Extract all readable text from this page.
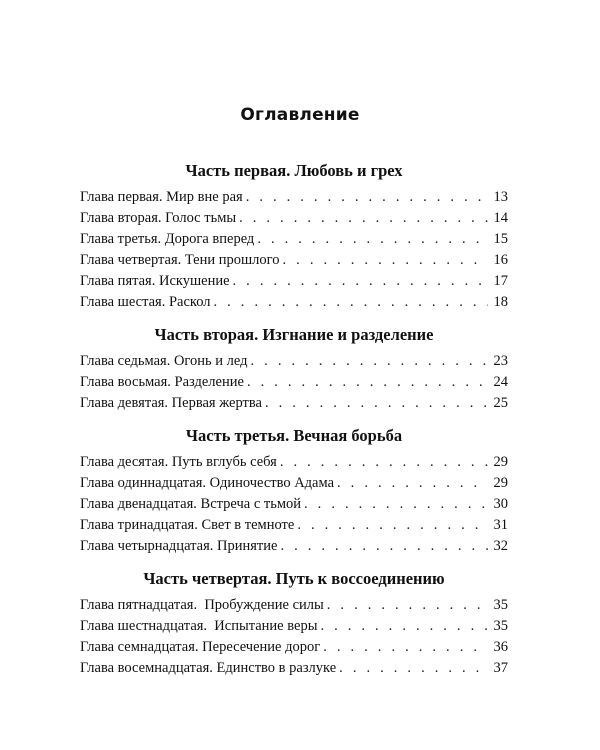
Оглавление
Часть первая. Любовь и грех
Глава первая. Мир вне рая . . .	13
Глава вторая. Голос тьмы . . .	14
Глава третья. Дорога вперед . . .	15
Глава четвертая. Тени прошлого . . .	16
Глава пятая. Искушение . . .	17
Глава шестая. Раскол . . .	18
Часть вторая. Изгнание и разделение
Глава седьмая. Огонь и лед . . .	23
Глава восьмая. Разделение . . .	24
Глава девятая. Первая жертва . . .	25
Часть третья. Вечная борьба
Глава десятая. Путь вглубь себя . . .	29
Глава одиннадцатая. Одиночество Адама . . .	29
Глава двенадцатая. Встреча с тьмой . . .	30
Глава тринадцатая. Свет в темноте . . .	31
Глава четырнадцатая. Принятие . . .	32
Часть четвертая. Путь к воссоединению
Глава пятнадцатая.  Пробуждение силы . . .	35
Глава шестнадцатая.  Испытание веры . . .	35
Глава семнадцатая. Пересечение дорог . . .	36
Глава восемнадцатая. Единство в разлуке . . .	37
